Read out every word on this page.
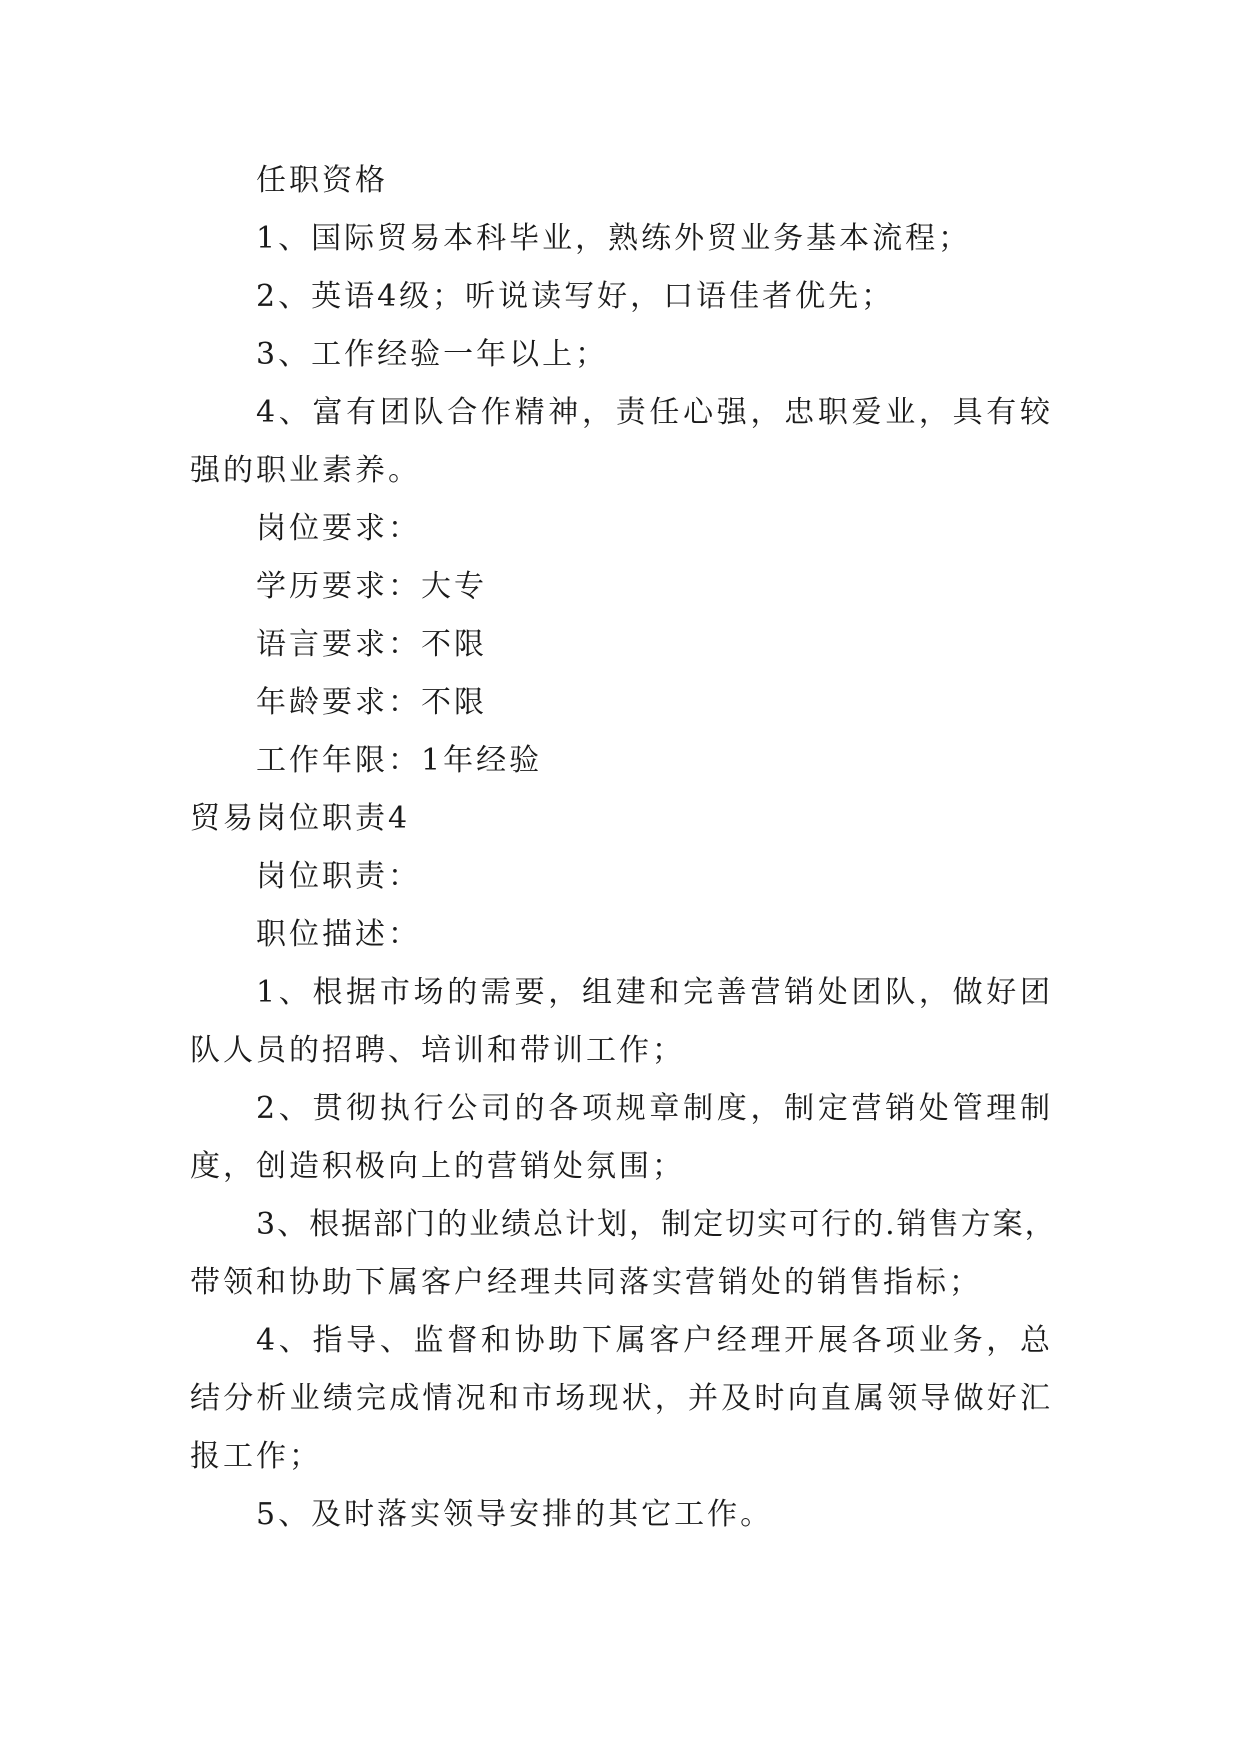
任职资格
1、国际贸易本科毕业，熟练外贸业务基本流程；
2、英语4级；听说读写好，口语佳者优先；
3、工作经验一年以上；
4、富有团队合作精神，责任心强，忠职爱业，具有较
强的职业素养。
岗位要求：
学历要求：大专
语言要求：不限
年龄要求：不限
工作年限：1年经验
贸易岗位职责4
岗位职责：
职位描述：
1、根据市场的需要，组建和完善营销处团队，做好团
队人员的招聘、培训和带训工作；
2、贯彻执行公司的各项规章制度，制定营销处管理制
度，创造积极向上的营销处氛围；
3、根据部门的业绩总计划，制定切实可行的.销售方案，
带领和协助下属客户经理共同落实营销处的销售指标；
4、指导、监督和协助下属客户经理开展各项业务，总
结分析业绩完成情况和市场现状，并及时向直属领导做好汇
报工作；
5、及时落实领导安排的其它工作。
